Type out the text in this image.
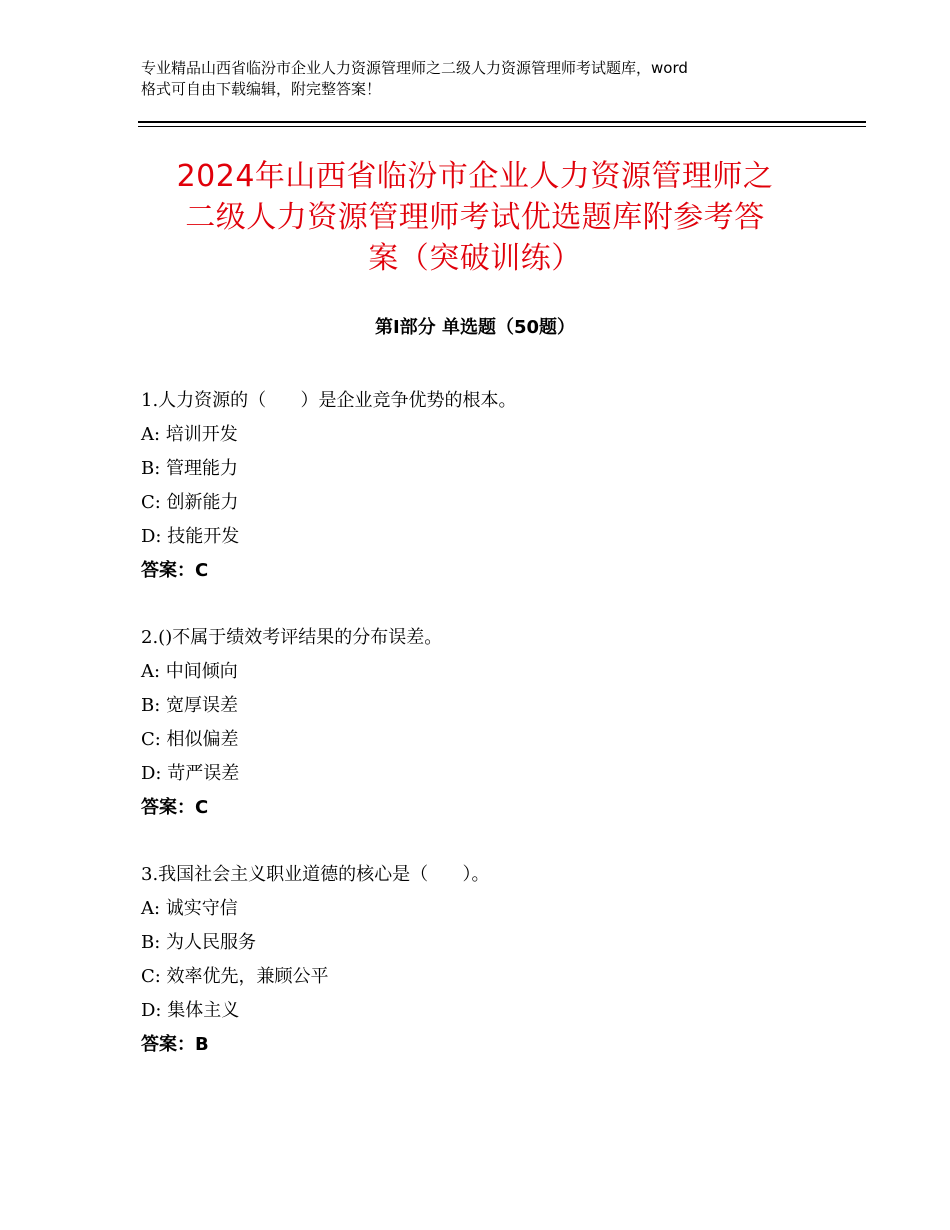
专业精品山西省临汾市企业人力资源管理师之二级人力资源管理师考试题库，word
格式可自由下载编辑，附完整答案！
2024年山西省临汾市企业人力资源管理师之
二级人力资源管理师考试优选题库附参考答
案（突破训练）
第Ⅰ部分 单选题（50题）
1.人力资源的（      ）是企业竞争优势的根本。
A: 培训开发
B: 管理能力
C: 创新能力
D: 技能开发
答案：C
2.()不属于绩效考评结果的分布误差。
A: 中间倾向
B: 宽厚误差
C: 相似偏差
D: 苛严误差
答案：C
3.我国社会主义职业道德的核心是（      ）。
A: 诚实守信
B: 为人民服务
C: 效率优先，兼顾公平
D: 集体主义
答案：B
